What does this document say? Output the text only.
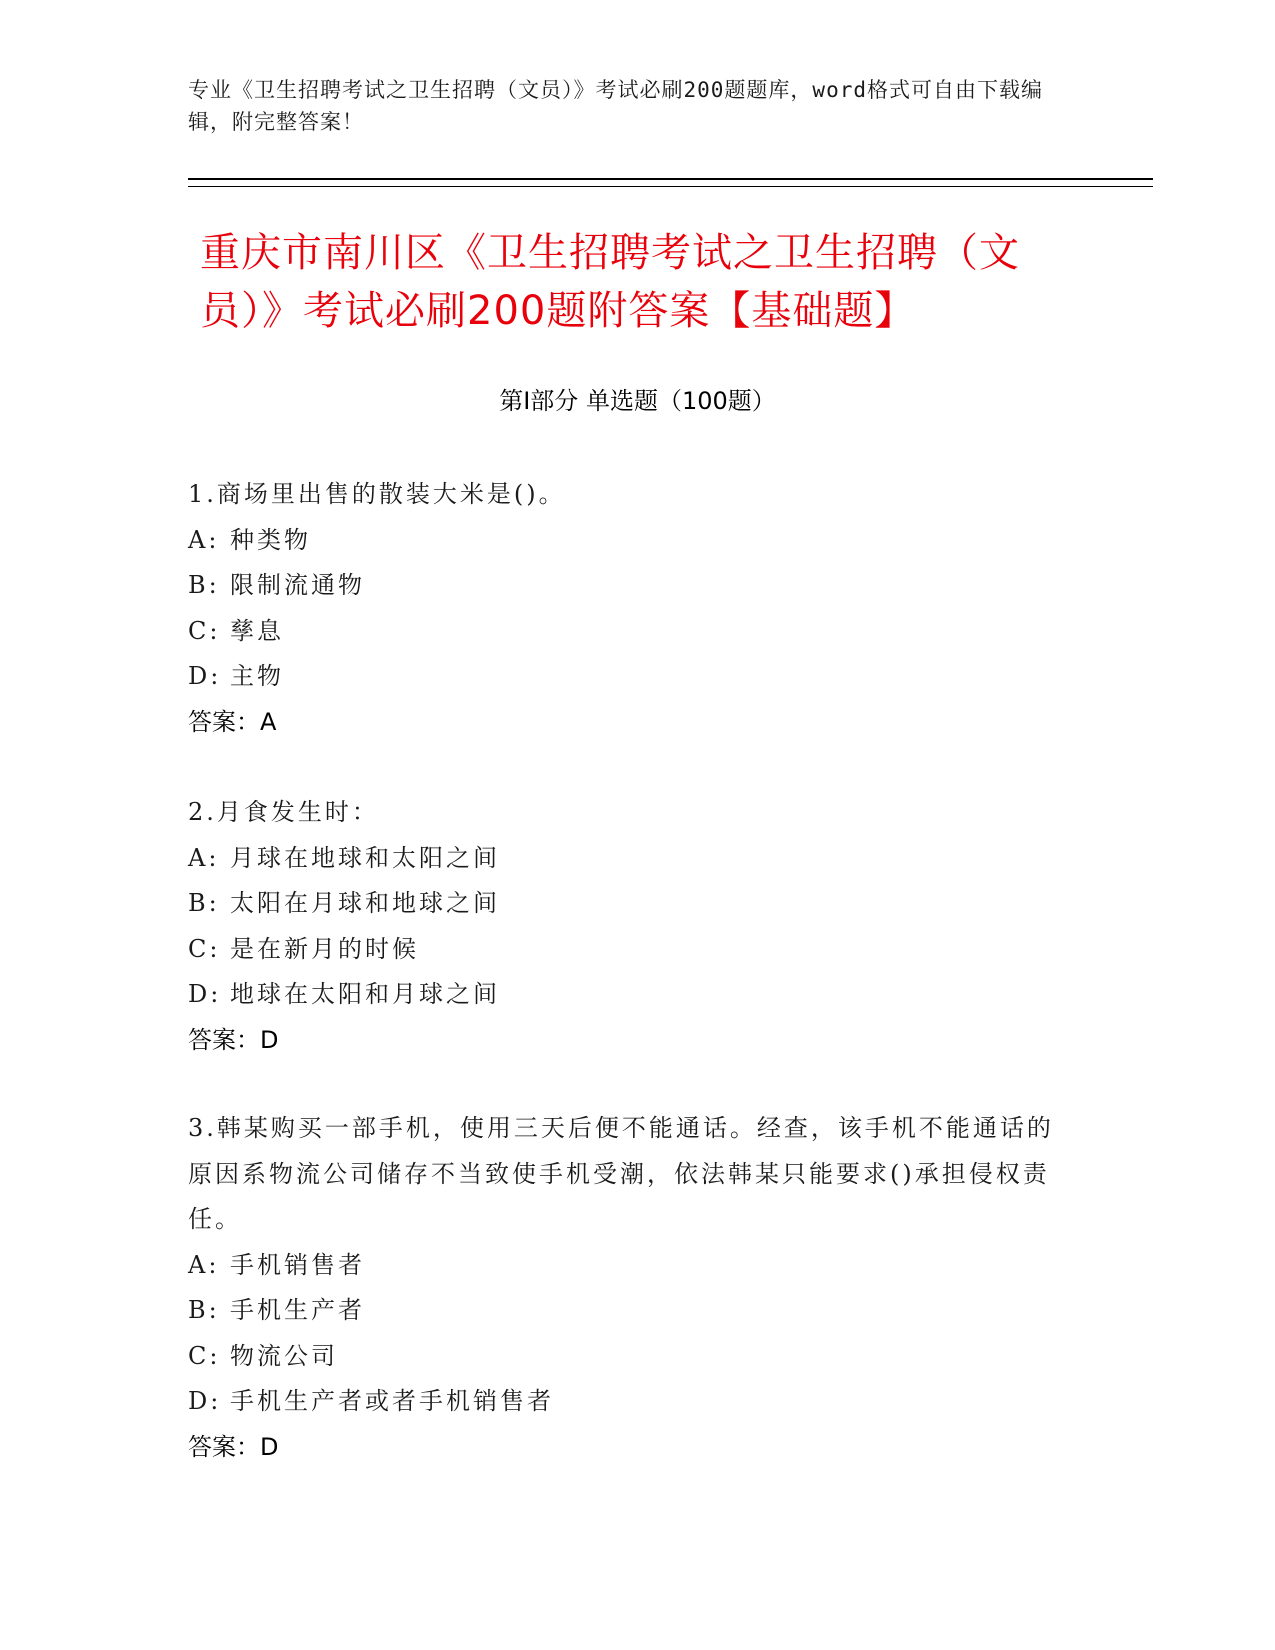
专业《卫生招聘考试之卫生招聘（文员）》考试必刷200题题库，word格式可自由下载编辑，附完整答案！
重庆市南川区《卫生招聘考试之卫生招聘（文员）》考试必刷200题附答案【基础题】
第I部分 单选题（100题）
1.商场里出售的散装大米是()。
A: 种类物
B: 限制流通物
C: 孳息
D: 主物
答案：A
2.月食发生时：
A: 月球在地球和太阳之间
B: 太阳在月球和地球之间
C: 是在新月的时候
D: 地球在太阳和月球之间
答案：D
3.韩某购买一部手机，使用三天后便不能通话。经查，该手机不能通话的原因系物流公司储存不当致使手机受潮，依法韩某只能要求()承担侵权责任。
A: 手机销售者
B: 手机生产者
C: 物流公司
D: 手机生产者或者手机销售者
答案：D
